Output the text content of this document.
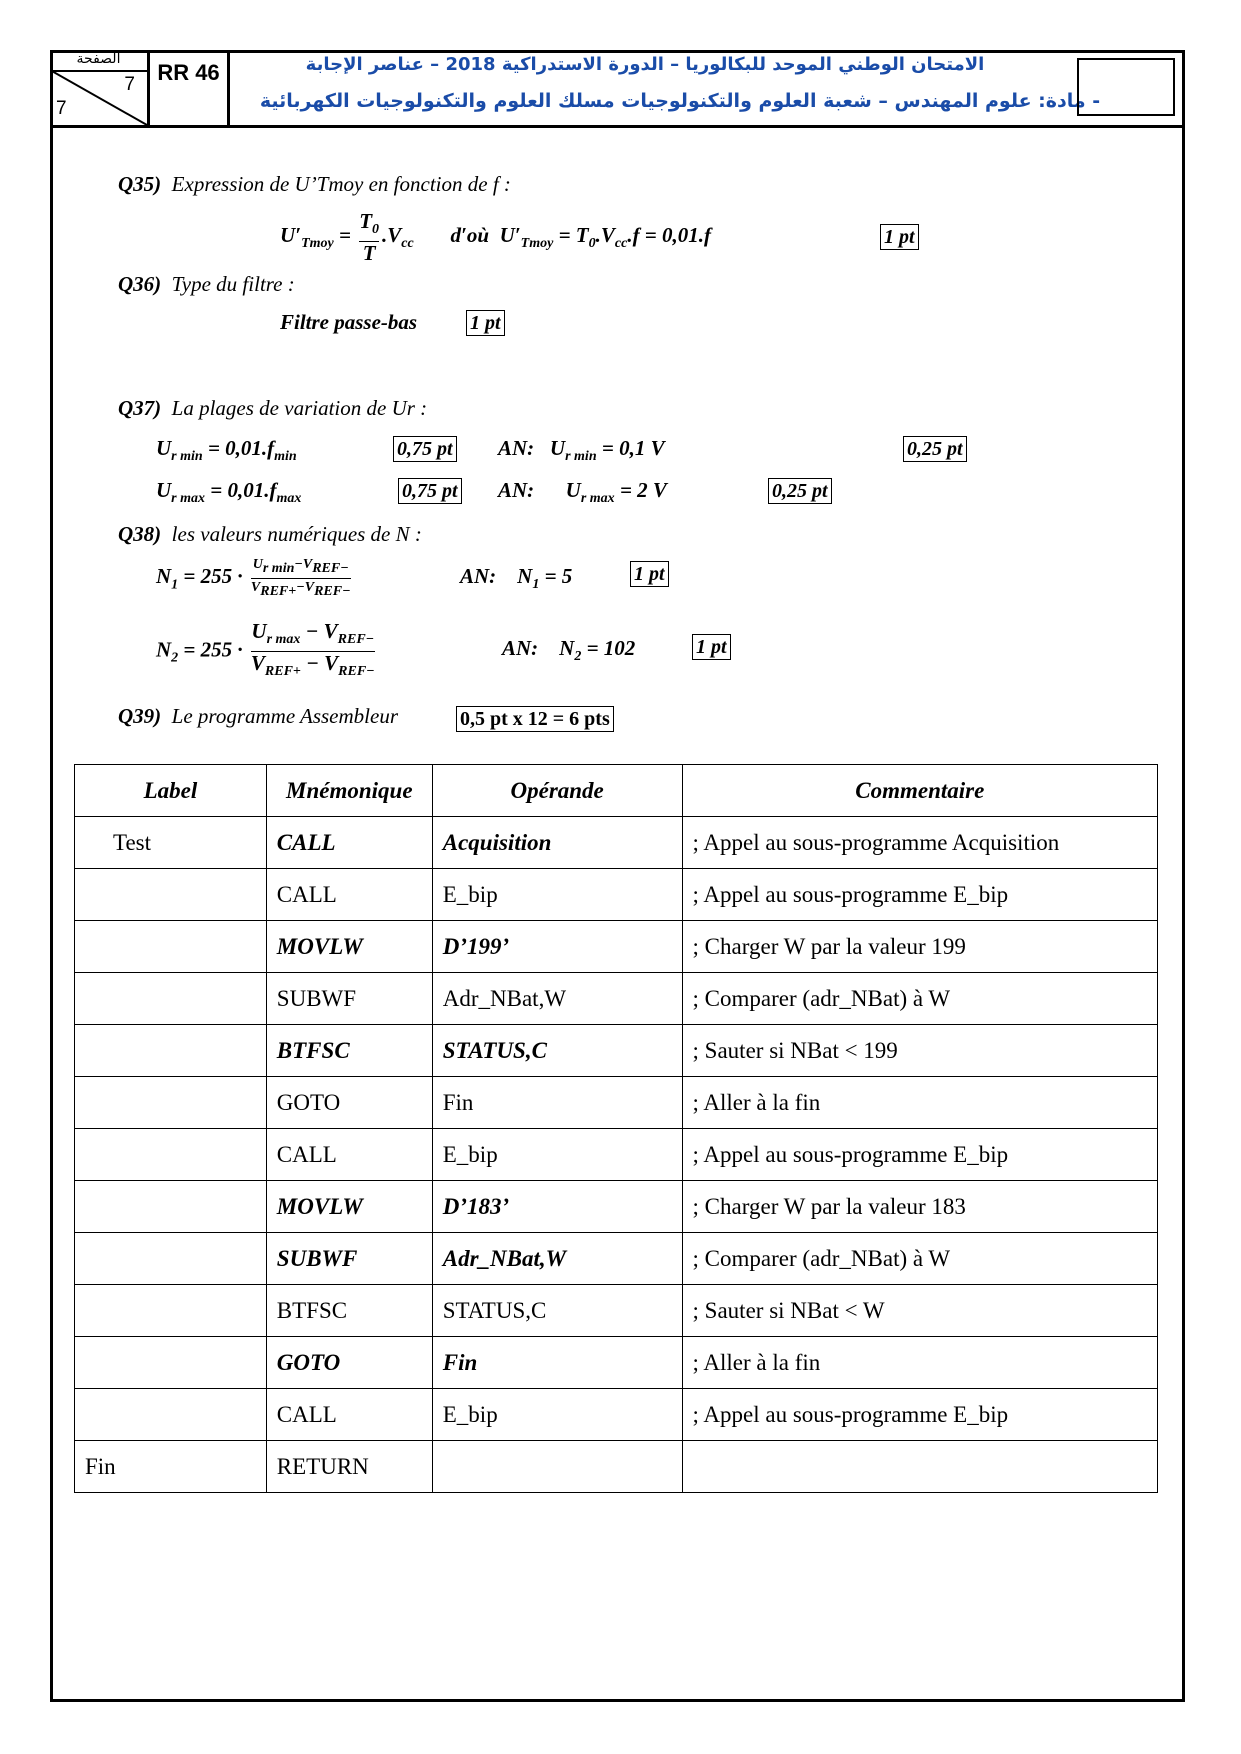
الصفحة
7
7
RR 46	الامتحان الوطني الموحد للبكالوريا – الدورة الاستدراكية 2018 – عناصر الإجابة
- مادة: علوم المهندس – شعبة العلوم والتكنولوجيات مسلك العلوم والتكنولوجيات الكهربائية
Q35) Expression de U’Tmoy en fonction de f :
$U'_{Tmoy} = \frac{T_0}{T} .V_{cc}$       d′où  $U'_{Tmoy} = T_0.V_{cc}.f = 0,01.f$	1 pt
Q36) Type du filtre :
Filtre passe-bas	1 pt
Q37) La plages de variation de Ur :
$U_{r min} = 0,01.f_{min}$	0,75 pt AN:   $U_{r min} = 0,1$ V	0,25 pt
$U_{r max} = 0,01.f_{max}$	0,75 pt AN:      $U_{r max} = 2$ V	0,25 pt
Q38) les valeurs numériques de N :
$N_1 = 255 \cdot \frac{U_{r min}-V_{REF-}}{V_{REF+}-V_{REF-}}$	AN:    $N_1 = 5$	1 pt
$N_2 = 255 \cdot \frac{U_{r max} - V_{REF-}}{V_{REF+} - V_{REF-}}$	AN:    $N_2 = 102$	1 pt
Q39) Le programme Assembleur	0,5 pt x 12 = 6 pts
Label	Mnémonique	Opérande	Commentaire
Test	CALL	Acquisition	; Appel au sous-programme Acquisition
	CALL	E_bip	; Appel au sous-programme E_bip
	MOVLW	D’199’	; Charger W par la valeur 199
	SUBWF	Adr_NBat,W	; Comparer (adr_NBat) à W
	BTFSC	STATUS,C	; Sauter si NBat < 199
	GOTO	Fin	; Aller à la fin
	CALL	E_bip	; Appel au sous-programme E_bip
	MOVLW	D’183’	; Charger W par la valeur 183
	SUBWF	Adr_NBat,W	; Comparer (adr_NBat) à W
	BTFSC	STATUS,C	; Sauter si NBat < W
	GOTO	Fin	; Aller à la fin
	CALL	E_bip	; Appel au sous-programme E_bip
Fin	RETURN		
